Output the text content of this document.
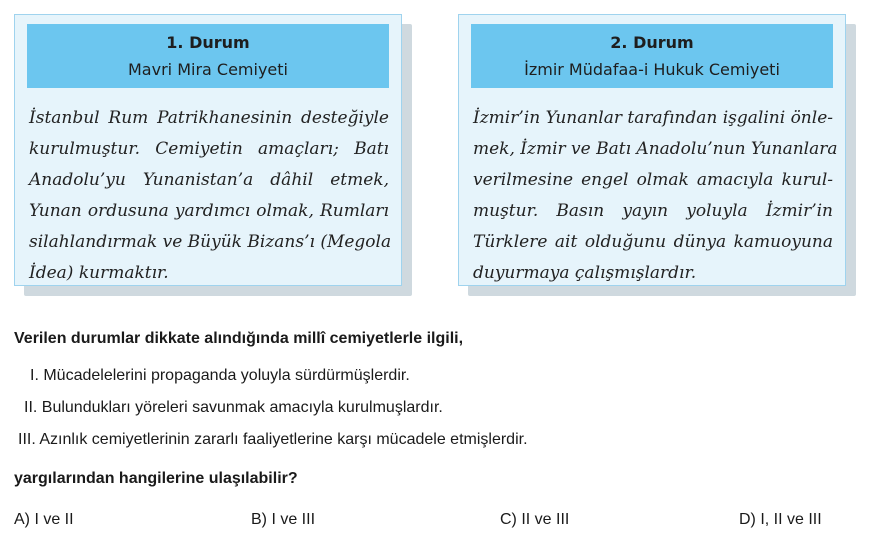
1. Durum
Mavri Mira Cemiyeti
İstanbul Rum Patrikhanesinin desteğiyle
kurulmuştur. Cemiyetin amaçları; Batı
Anadolu’yu Yunanistan’a dâhil etmek,
Yunan ordusuna yardımcı olmak, Rumları
silahlandırmak ve Büyük Bizans’ı (Megola
İdea) kurmaktır.
2. Durum
İzmir Müdafaa-i Hukuk Cemiyeti
İzmir’in Yunanlar tarafından işgalini önle-
mek, İzmir ve Batı Anadolu’nun Yunanlara
verilmesine engel olmak amacıyla kurul-
muştur. Basın yayın yoluyla İzmir’in
Türklere ait olduğunu dünya kamuoyuna
duyurmaya çalışmışlardır.
Verilen durumlar dikkate alındığında millî cemiyetlerle ilgili,
I. Mücadelelerini propaganda yoluyla sürdürmüşlerdir.
II. Bulundukları yöreleri savunmak amacıyla kurulmuşlardır.
III. Azınlık cemiyetlerinin zararlı faaliyetlerine karşı mücadele etmişlerdir.
yargılarından hangilerine ulaşılabilir?
A) I ve II	B) I ve III	C) II ve III	D) I, II ve III
